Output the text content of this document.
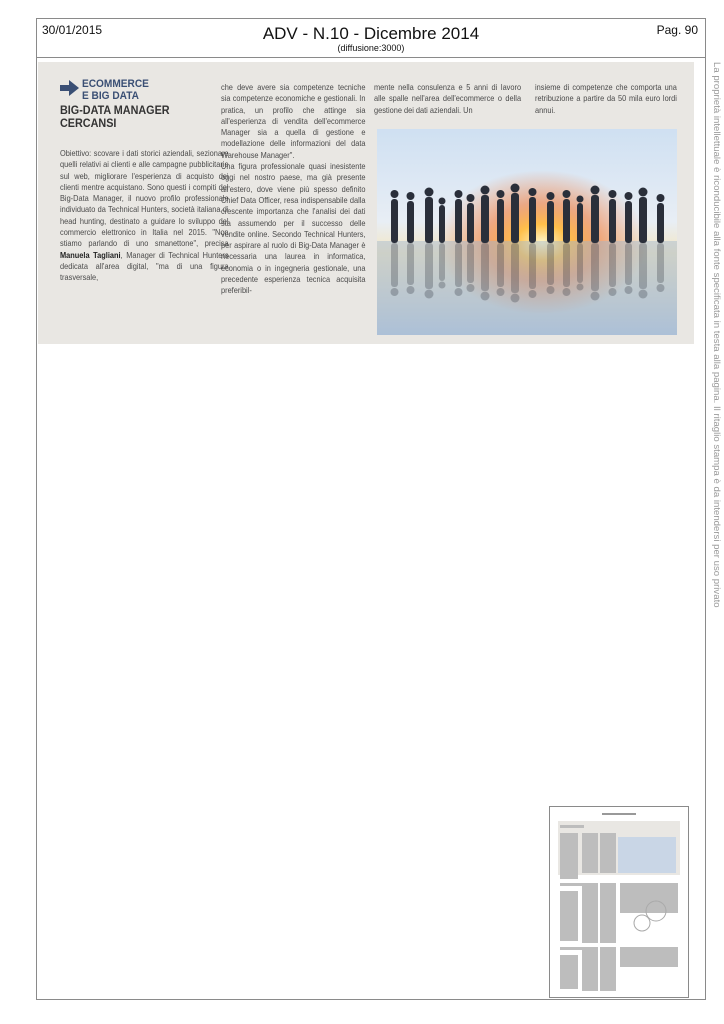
30/01/2015	ADV - N.10 - Dicembre 2014
(diffusione:3000)
Pag. 90
La proprietà intellettuale è riconducibile alla fonte specificata in testa alla pagina. Il ritaglio stampa è da intendersi per uso privato
ECOMMERCE
E BIG DATA
BIG-DATA MANAGER
CERCANSI
Obiettivo: scovare i dati storici aziendali, sezionare quelli relativi ai clienti e alle campagne pubblicitarie sul web, migliorare l'esperienza di acquisto dei clienti mentre acquistano. Sono questi i compiti del Big-Data Manager, il nuovo profilo professionale individuato da Technical Hunters, società italiana di head hunting, destinato a guidare lo sviluppo del commercio elettronico in Italia nel 2015. "Non stiamo parlando di uno smanettone", precisa Manuela Tagliani, Manager di Technical Hunters dedicata all'area digital, "ma di una figura trasversale,
che deve avere sia competenze tecniche sia competenze economiche e gestionali. In pratica, un profilo che attinge sia all'esperienza di vendita dell'ecommerce Manager sia a quella di gestione e modellazione delle informazioni del data Warehouse Manager".
Una figura professionale quasi inesistente oggi nel nostro paese, ma già presente all'estero, dove viene più spesso definito Chief Data Officer, resa indispensabile dalla crescente importanza che l'analisi dei dati sta assumendo per il successo delle vendite online. Secondo Technical Hunters, per aspirare al ruolo di Big-Data Manager è necessaria una laurea in informatica, economia o in ingegneria gestionale, una precedente esperienza tecnica acquisita preferibil-
mente nella consulenza e 5 anni di lavoro alle spalle nell'area dell'ecommerce o della gestione dei dati aziendali. Un
insieme di competenze che comporta una retribuzione a partire da 50 mila euro lordi annui.
